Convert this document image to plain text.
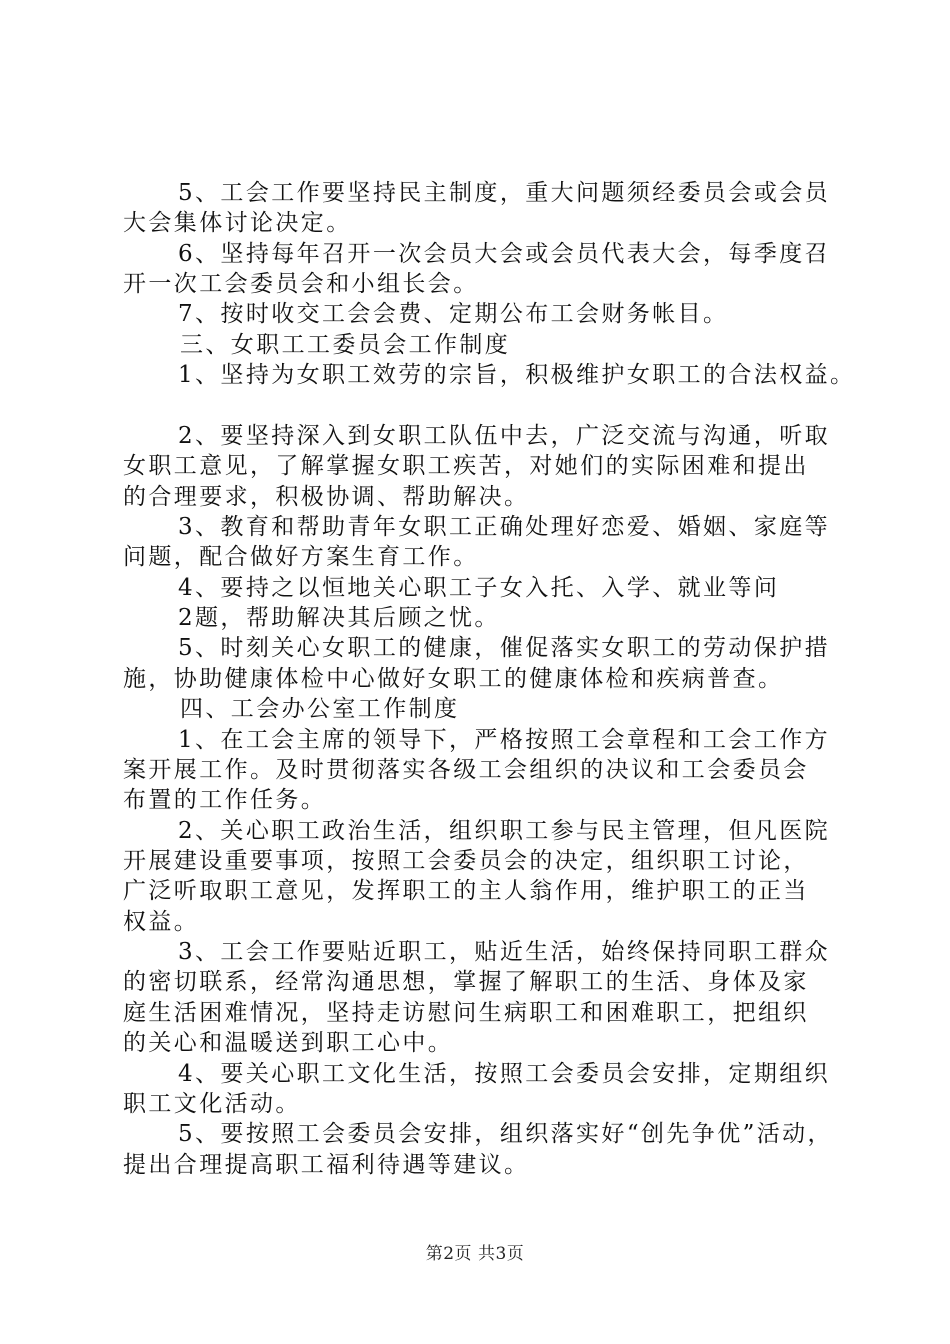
5、工会工作要坚持民主制度，重大问题须经委员会或会员
大会集体讨论决定。
6、坚持每年召开一次会员大会或会员代表大会，每季度召
开一次工会委员会和小组长会。
7、按时收交工会会费、定期公布工会财务帐目。
三、女职工工委员会工作制度
1、坚持为女职工效劳的宗旨，积极维护女职工的合法权益。
2、要坚持深入到女职工队伍中去，广泛交流与沟通，听取
女职工意见，了解掌握女职工疾苦，对她们的实际困难和提出
的合理要求，积极协调、帮助解决。
3、教育和帮助青年女职工正确处理好恋爱、婚姻、家庭等
问题，配合做好方案生育工作。
4、要持之以恒地关心职工子女入托、入学、就业等问
2题，帮助解决其后顾之忧。
5、时刻关心女职工的健康，催促落实女职工的劳动保护措
施，协助健康体检中心做好女职工的健康体检和疾病普查。
四、工会办公室工作制度
1、在工会主席的领导下，严格按照工会章程和工会工作方
案开展工作。及时贯彻落实各级工会组织的决议和工会委员会
布置的工作任务。
2、关心职工政治生活，组织职工参与民主管理，但凡医院
开展建设重要事项，按照工会委员会的决定，组织职工讨论，
广泛听取职工意见，发挥职工的主人翁作用，维护职工的正当
权益。
3、工会工作要贴近职工，贴近生活，始终保持同职工群众
的密切联系，经常沟通思想，掌握了解职工的生活、身体及家
庭生活困难情况，坚持走访慰问生病职工和困难职工，把组织
的关心和温暖送到职工心中。
4、要关心职工文化生活，按照工会委员会安排，定期组织
职工文化活动。
5、要按照工会委员会安排，组织落实好“创先争优”活动，
提出合理提高职工福利待遇等建议。
第2页 共3页
